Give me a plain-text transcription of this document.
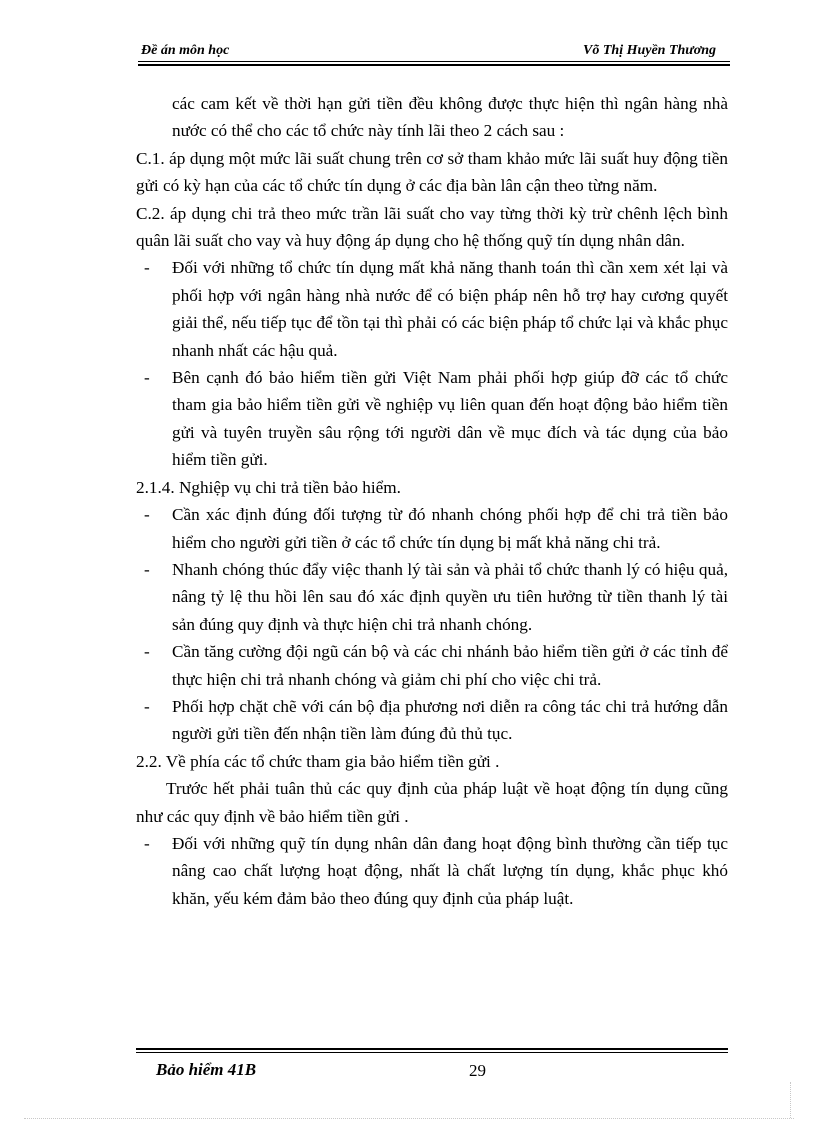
Đề án môn học	Võ Thị Huyền Thương

các cam kết về thời hạn gửi tiền đều không được thực hiện thì ngân hàng nhà nước có thể cho các tổ chức này tính lãi theo 2 cách sau :

C.1. áp dụng một mức lãi suất chung trên cơ sở tham khảo mức lãi suất huy động tiền gửi có kỳ hạn của các tổ chức tín dụng ở các địa bàn lân cận theo từng năm.

C.2. áp dụng chi trả theo mức trần lãi suất cho vay từng thời kỳ trừ chênh lệch bình quân lãi suất cho vay và huy động áp dụng cho hệ thống quỹ tín dụng nhân dân.

- Đối với những tổ chức tín dụng mất khả năng thanh toán thì cần xem xét lại và phối hợp với ngân hàng nhà nước để có biện pháp nên hỗ trợ hay cương quyết giải thể, nếu tiếp tục để tồn tại thì phải có các biện pháp tổ chức lại và khắc phục nhanh nhất các hậu quả.

- Bên cạnh đó bảo hiểm tiền gửi Việt Nam phải phối hợp giúp đỡ các tổ chức tham gia bảo hiểm tiền gửi về nghiệp vụ liên quan đến hoạt động bảo hiểm tiền gửi và tuyên truyền sâu rộng tới người dân về mục đích và tác dụng của bảo hiểm tiền gửi.

2.1.4. Nghiệp vụ chi trả tiền bảo hiểm.

- Cần xác định đúng đối tượng từ đó nhanh chóng phối hợp để chi trả tiền bảo hiểm cho người gửi tiền ở các tổ chức tín dụng bị mất khả năng chi trả.

- Nhanh chóng thúc đẩy việc thanh lý tài sản và phải tổ chức thanh lý có hiệu quả, nâng tỷ lệ thu hồi lên sau đó xác định quyền ưu tiên hưởng từ tiền thanh lý tài sản đúng quy định và thực hiện chi trả nhanh chóng.

- Cần tăng cường đội ngũ cán bộ và các chi nhánh bảo hiểm tiền gửi ở các tỉnh để thực hiện chi trả nhanh chóng và giảm chi phí cho việc chi trả.

- Phối hợp chặt chẽ với cán bộ địa phương nơi diễn ra công tác chi trả hướng dẫn người gửi tiền đến nhận tiền làm đúng đủ thủ tục.

2.2. Về phía các tổ chức tham gia bảo hiểm tiền gửi .

Trước hết phải tuân thủ các quy định của pháp luật về hoạt động tín dụng cũng như các quy định về bảo hiểm tiền gửi .

- Đối với những quỹ tín dụng nhân dân đang hoạt động bình thường cần tiếp tục nâng cao chất lượng hoạt động, nhất là chất lượng tín dụng, khắc phục khó khăn, yếu kém đảm bảo theo đúng quy định của pháp luật.

Bảo hiểm 41B	29
